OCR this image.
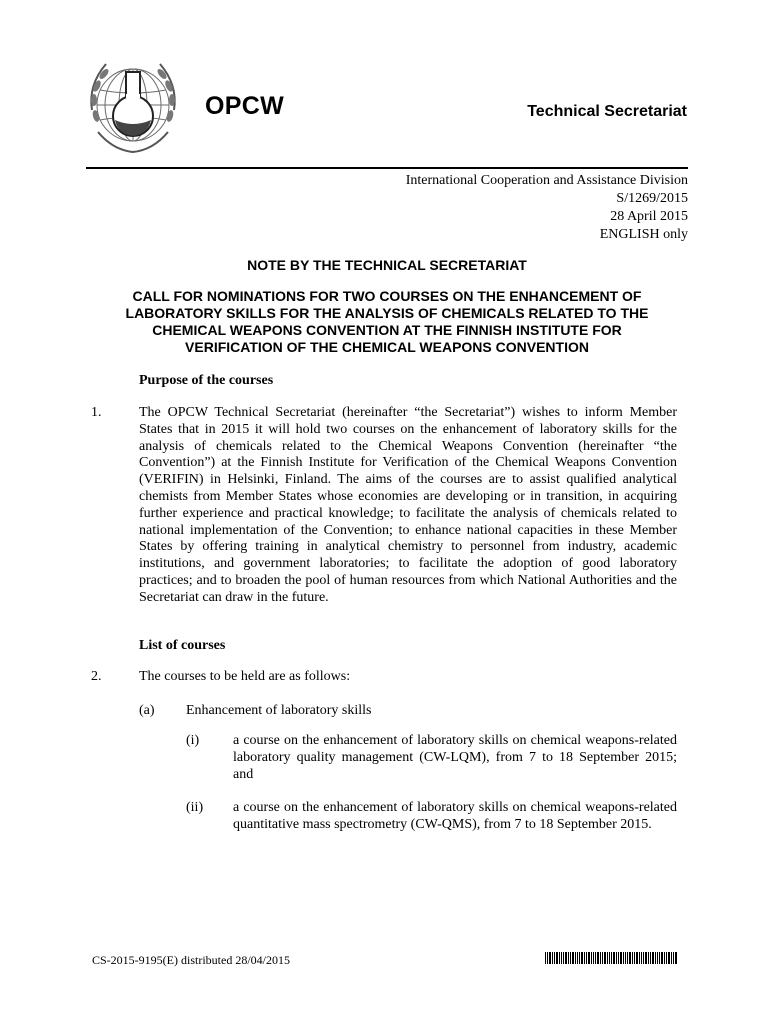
OPCW	Technical Secretariat
International Cooperation and Assistance Division
S/1269/2015
28 April 2015
ENGLISH only
NOTE BY THE TECHNICAL SECRETARIAT
CALL FOR NOMINATIONS FOR TWO COURSES ON THE ENHANCEMENT OF
LABORATORY SKILLS FOR THE ANALYSIS OF CHEMICALS RELATED TO THE
CHEMICAL WEAPONS CONVENTION AT THE FINNISH INSTITUTE FOR
VERIFICATION OF THE CHEMICAL WEAPONS CONVENTION
Purpose of the courses
1.	The OPCW Technical Secretariat (hereinafter “the Secretariat”) wishes to inform Member States that in 2015 it will hold two courses on the enhancement of laboratory skills for the analysis of chemicals related to the Chemical Weapons Convention (hereinafter “the Convention”) at the Finnish Institute for Verification of the Chemical Weapons Convention (VERIFIN) in Helsinki, Finland. The aims of the courses are to assist qualified analytical chemists from Member States whose economies are developing or in transition, in acquiring further experience and practical knowledge; to facilitate the analysis of chemicals related to national implementation of the Convention; to enhance national capacities in these Member States by offering training in analytical chemistry to personnel from industry, academic institutions, and government laboratories; to facilitate the adoption of good laboratory practices; and to broaden the pool of human resources from which National Authorities and the Secretariat can draw in the future.
List of courses
2.	The courses to be held are as follows:
(a) Enhancement of laboratory skills
(i) a course on the enhancement of laboratory skills on chemical weapons-related laboratory quality management (CW-LQM), from 7 to 18 September 2015; and
(ii) a course on the enhancement of laboratory skills on chemical weapons-related quantitative mass spectrometry (CW-QMS), from 7 to 18 September 2015.
CS-2015-9195(E) distributed 28/04/2015
